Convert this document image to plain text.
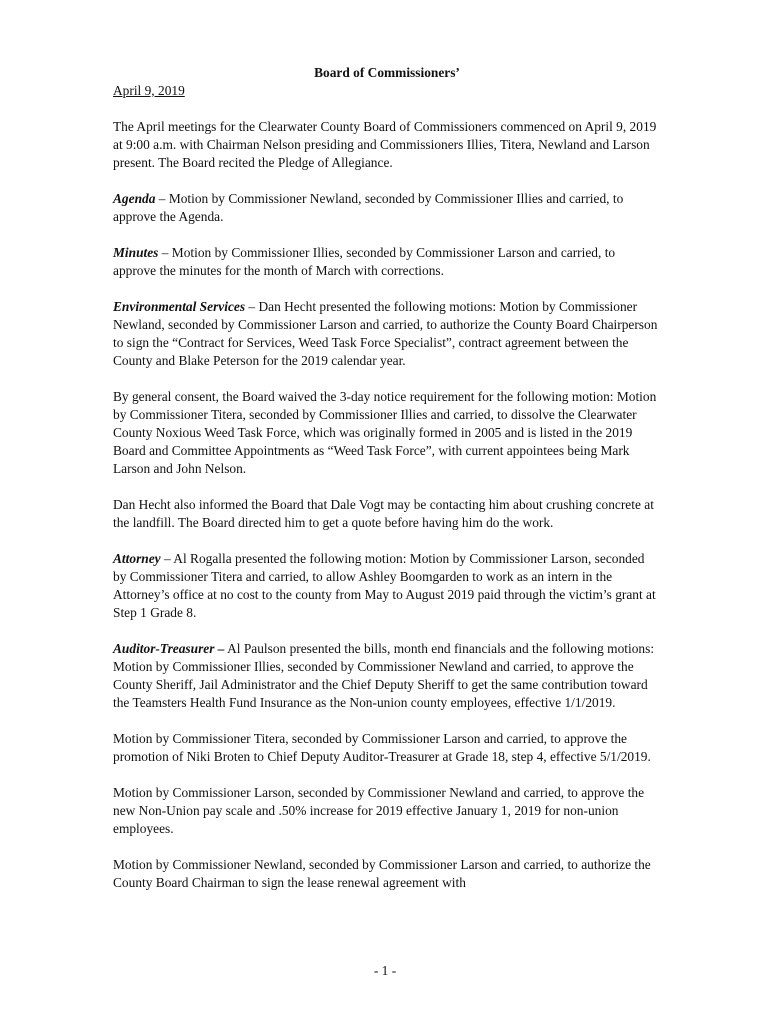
Board of Commissioners’

April 9, 2019

The April meetings for the Clearwater County Board of Commissioners commenced on April 9, 2019 at 9:00 a.m. with Chairman Nelson presiding and Commissioners Illies, Titera, Newland and Larson present. The Board recited the Pledge of Allegiance.

Agenda – Motion by Commissioner Newland, seconded by Commissioner Illies and carried, to approve the Agenda.

Minutes – Motion by Commissioner Illies, seconded by Commissioner Larson and carried, to approve the minutes for the month of March with corrections.

Environmental Services – Dan Hecht presented the following motions: Motion by Commissioner Newland, seconded by Commissioner Larson and carried, to authorize the County Board Chairperson to sign the “Contract for Services, Weed Task Force Specialist”, contract agreement between the County and Blake Peterson for the 2019 calendar year.

By general consent, the Board waived the 3-day notice requirement for the following motion: Motion by Commissioner Titera, seconded by Commissioner Illies and carried, to dissolve the Clearwater County Noxious Weed Task Force, which was originally formed in 2005 and is listed in the 2019 Board and Committee Appointments as “Weed Task Force”, with current appointees being Mark Larson and John Nelson.

Dan Hecht also informed the Board that Dale Vogt may be contacting him about crushing concrete at the landfill. The Board directed him to get a quote before having him do the work.

Attorney – Al Rogalla presented the following motion: Motion by Commissioner Larson, seconded by Commissioner Titera and carried, to allow Ashley Boomgarden to work as an intern in the Attorney’s office at no cost to the county from May to August 2019 paid through the victim’s grant at Step 1 Grade 8.

Auditor-Treasurer – Al Paulson presented the bills, month end financials and the following motions: Motion by Commissioner Illies, seconded by Commissioner Newland and carried, to approve the County Sheriff, Jail Administrator and the Chief Deputy Sheriff to get the same contribution toward the Teamsters Health Fund Insurance as the Non-union county employees, effective 1/1/2019.

Motion by Commissioner Titera, seconded by Commissioner Larson and carried, to approve the promotion of Niki Broten to Chief Deputy Auditor-Treasurer at Grade 18, step 4, effective 5/1/2019.

Motion by Commissioner Larson, seconded by Commissioner Newland and carried, to approve the new Non-Union pay scale and .50% increase for 2019 effective January 1, 2019 for non-union employees.

Motion by Commissioner Newland, seconded by Commissioner Larson and carried, to authorize the County Board Chairman to sign the lease renewal agreement with

- 1 -
